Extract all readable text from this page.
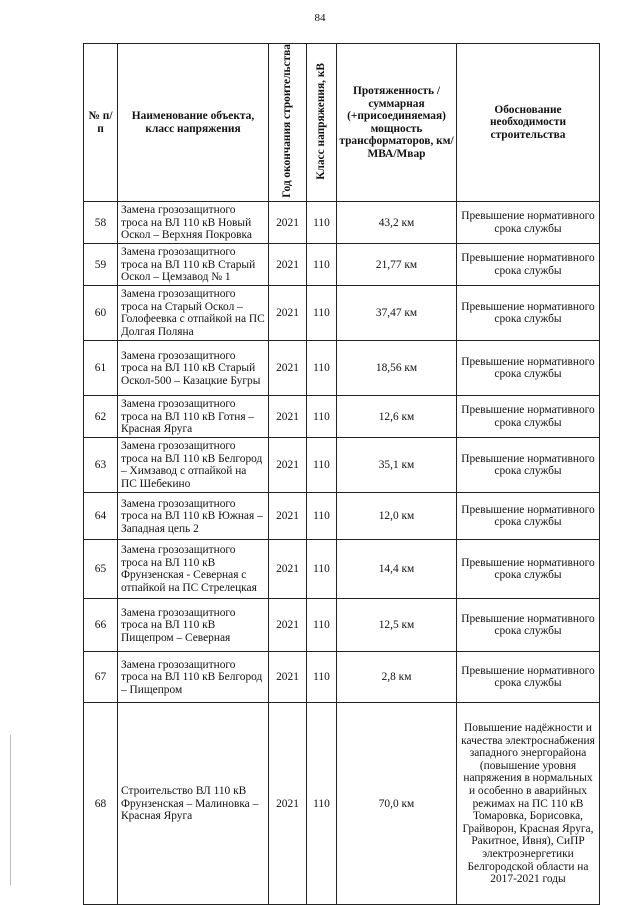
84
№ п/п	Наименование объекта, класс напряжения	Год окончания строительства	Класс напряжения, кВ	Протяженность / суммарная (+присоединяемая) мощность трансформаторов, км/МВА/Мвар	Обоснование необходимости строительства
58	Замена грозозащитного троса на ВЛ 110 кВ Новый Оскол – Верхняя Покровка	2021	110	43,2 км	Превышение нормативного срока службы
59	Замена грозозащитного троса на ВЛ 110 кВ Старый Оскол – Цемзавод № 1	2021	110	21,77 км	Превышение нормативного срока службы
60	Замена грозозащитного троса на Старый Оскол – Голофеевка с отпайкой на ПС Долгая Поляна	2021	110	37,47 км	Превышение нормативного срока службы
61	Замена грозозащитного троса на ВЛ 110 кВ Старый Оскол-500 – Казацкие Бугры	2021	110	18,56 км	Превышение нормативного срока службы
62	Замена грозозащитного троса на ВЛ 110 кВ Готня – Красная Яруга	2021	110	12,6 км	Превышение нормативного срока службы
63	Замена грозозащитного троса на ВЛ 110 кВ Белгород – Химзавод с отпайкой на ПС Шебекино	2021	110	35,1 км	Превышение нормативного срока службы
64	Замена грозозащитного троса на ВЛ 110 кВ Южная – Западная цепь 2	2021	110	12,0 км	Превышение нормативного срока службы
65	Замена грозозащитного троса на ВЛ 110 кВ Фрунзенская - Северная с отпайкой на ПС Стрелецкая	2021	110	14,4 км	Превышение нормативного срока службы
66	Замена грозозащитного троса на ВЛ 110 кВ Пищепром – Северная	2021	110	12,5 км	Превышение нормативного срока службы
67	Замена грозозащитного троса на ВЛ 110 кВ Белгород – Пищепром	2021	110	2,8 км	Превышение нормативного срока службы
68	Строительство ВЛ 110 кВ Фрунзенская – Малиновка – Красная Яруга	2021	110	70,0 км	Повышение надёжности и качества электроснабжения западного энергорайона (повышение уровня напряжения в нормальных и особенно в аварийных режимах на ПС 110 кВ Томаровка, Борисовка, Грайворон, Красная Яруга, Ракитное, Ивня), СиПР электроэнергетики Белгородской области на 2017-2021 годы
